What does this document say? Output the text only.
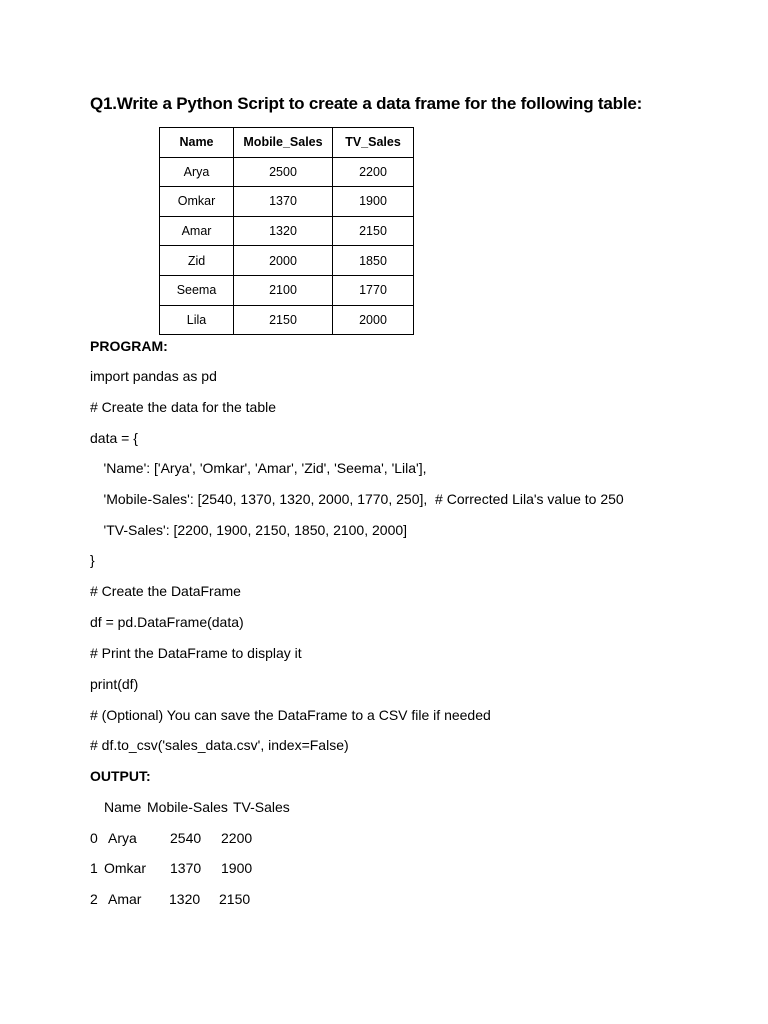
Q1.Write a Python Script to create a data frame for the following table:
Name	Mobile_Sales	TV_Sales
Arya	2500	2200
Omkar	1370	1900
Amar	1320	2150
Zid	2000	1850
Seema	2100	1770
Lila	2150	2000
PROGRAM:
import pandas as pd
# Create the data for the table
data = {
'Name': ['Arya', 'Omkar', 'Amar', 'Zid', 'Seema', 'Lila'],
'Mobile-Sales': [2540, 1370, 1320, 2000, 1770, 250],  # Corrected Lila's value to 250
'TV-Sales': [2200, 1900, 2150, 1850, 2100, 2000]
}
# Create the DataFrame
df = pd.DataFrame(data)
# Print the DataFrame to display it
print(df)
# (Optional) You can save the DataFrame to a CSV file if needed
# df.to_csv('sales_data.csv', index=False)
OUTPUT:
Name Mobile-Sales TV-Sales
0 Arya 2540 2200
1 Omkar 1370 1900
2 Amar 1320 2150
